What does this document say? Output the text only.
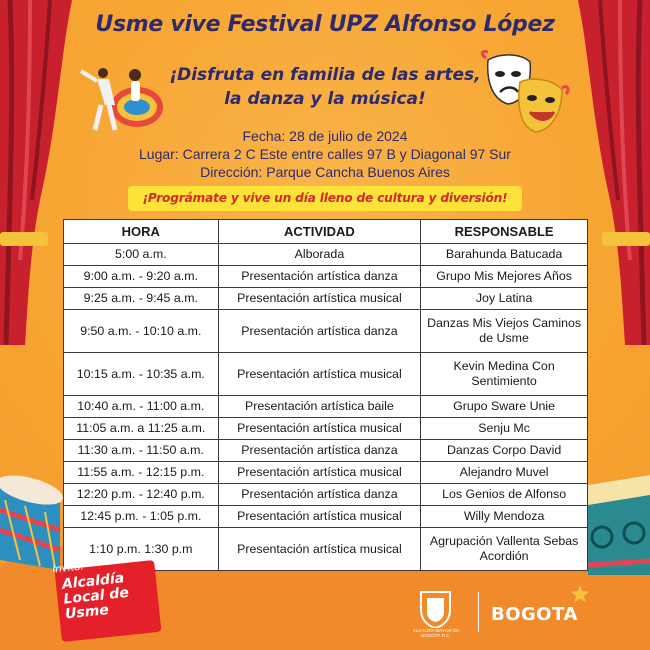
Usme vive Festival UPZ Alfonso López
¡Disfruta en familia de las artes,
la danza y la música!
Fecha: 28 de julio de 2024
Lugar: Carrera 2 C Este entre calles 97 B y Diagonal 97 Sur
Dirección: Parque Cancha Buenos Aires
¡Prográmate y vive un día lleno de cultura y diversión!
HORA	ACTIVIDAD	RESPONSABLE
5:00 a.m.	Alborada	Barahunda Batucada
9:00 a.m. - 9:20 a.m.	Presentación artística danza	Grupo Mis Mejores Años
9:25 a.m. - 9:45 a.m.	Presentación artística musical	Joy Latina
9:50 a.m. - 10:10 a.m.	Presentación artística danza	Danzas Mis Viejos Caminos de Usme
10:15 a.m. - 10:35 a.m.	Presentación artística musical	Kevin Medina Con Sentimiento
10:40 a.m. - 11:00 a.m.	Presentación artística baile	Grupo Sware Unie
11:05 a.m. a 11:25 a.m.	Presentación artística musical	Senju Mc
11:30 a.m. - 11:50 a.m.	Presentación artística danza	Danzas Corpo David
11:55 a.m. - 12:15 p.m.	Presentación artística musical	Alejandro Muvel
12:20 p.m. - 12:40 p.m.	Presentación artística danza	Los Genios de Alfonso
12:45 p.m. - 1:05 p.m.	Presentación artística musical	Willy Mendoza
1:10 p.m. 1:30 p.m	Presentación artística musical	Agrupación Vallenta Sebas Acordión
Invita:
Alcaldía Local de Usme
ALCALDÍA MAYOR DE BOGOTÁ D.C.
BOGOTA
